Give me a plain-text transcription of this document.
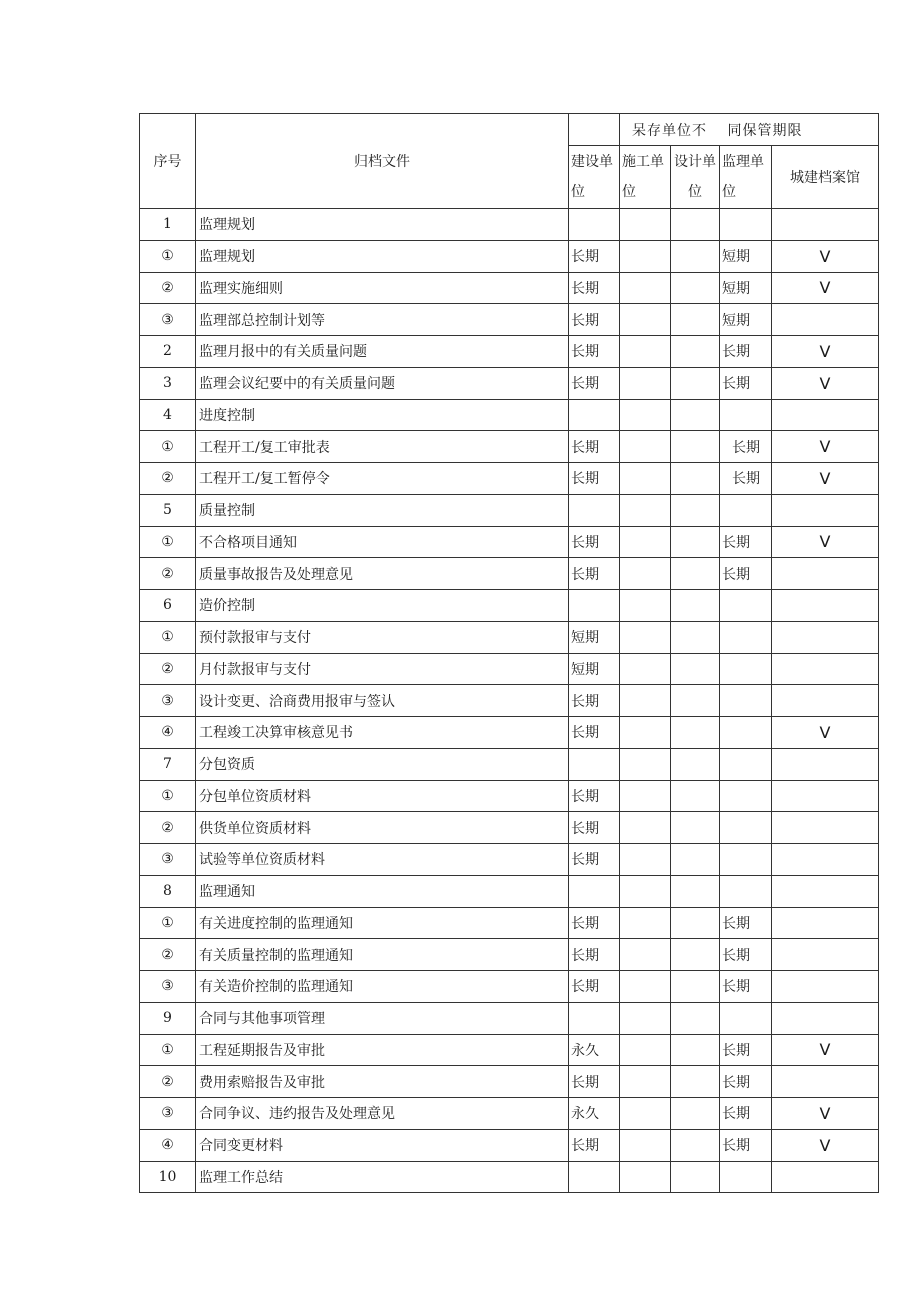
序号	归档文件		呆存单位不 　同保管期限			
		建设单位	施工单位	设计单位	监理单位	城建档案馆
1	监理规划					
①	监理规划	长期			短期	V
②	监理实施细则	长期			短期	V
③	监理部总控制计划等	长期			短期	
2	监理月报中的有关质量问题	长期			长期	V
3	监理会议纪要中的有关质量问题	长期			长期	V
4	进度控制					
①	工程开工/复工审批表	长期			长期	V
②	工程开工/复工暂停令	长期			长期	V
5	质量控制					
①	不合格项目通知	长期			长期	V
②	质量事故报告及处理意见	长期			长期	
6	造价控制					
①	预付款报审与支付	短期				
②	月付款报审与支付	短期				
③	设计变更、洽商费用报审与签认	长期				
④	工程竣工决算审核意见书	长期				V
7	分包资质					
①	分包单位资质材料	长期				
②	供货单位资质材料	长期				
③	试验等单位资质材料	长期				
8	监理通知					
①	有关进度控制的监理通知	长期			长期	
②	有关质量控制的监理通知	长期			长期	
③	有关造价控制的监理通知	长期			长期	
9	合同与其他事项管理					
①	工程延期报告及审批	永久			长期	V
②	费用索赔报告及审批	长期			长期	
③	合同争议、违约报告及处理意见	永久			长期	V
④	合同变更材料	长期			长期	V
10	监理工作总结					
